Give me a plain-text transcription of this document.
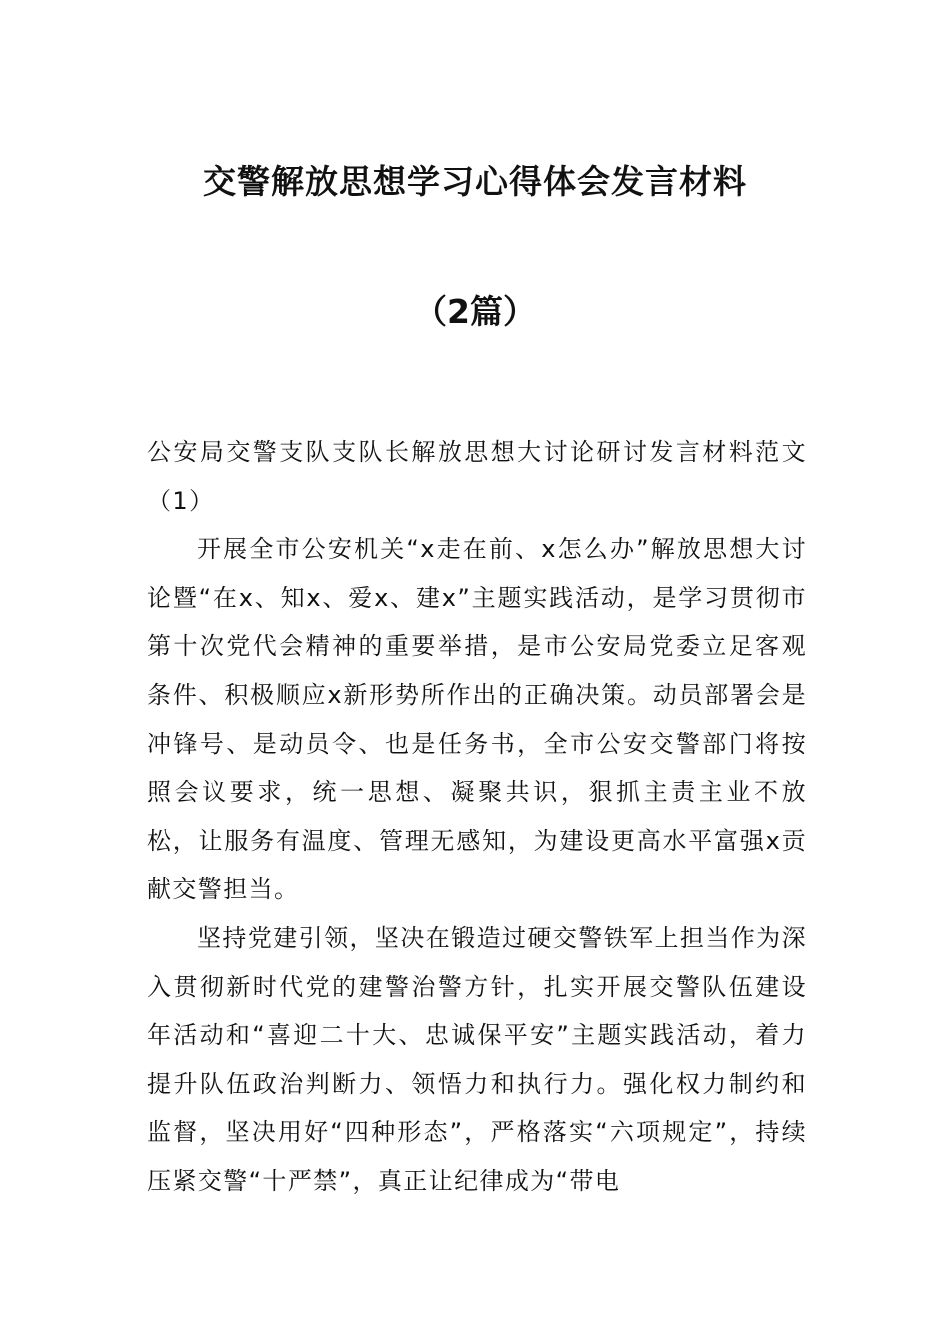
交警解放思想学习心得体会发言材料
（2篇）

公安局交警支队支队长解放思想大讨论研讨发言材料范文（1）

开展全市公安机关“x走在前、x怎么办”解放思想大讨论暨“在x、知x、爱x、建x”主题实践活动，是学习贯彻市第十次党代会精神的重要举措，是市公安局党委立足客观条件、积极顺应x新形势所作出的正确决策。动员部署会是冲锋号、是动员令、也是任务书，全市公安交警部门将按照会议要求，统一思想、凝聚共识，狠抓主责主业不放松，让服务有温度、管理无感知，为建设更高水平富强x贡献交警担当。

坚持党建引领，坚决在锻造过硬交警铁军上担当作为深入贯彻新时代党的建警治警方针，扎实开展交警队伍建设年活动和“喜迎二十大、忠诚保平安”主题实践活动，着力提升队伍政治判断力、领悟力和执行力。强化权力制约和监督，坚决用好“四种形态”，严格落实“六项规定”，持续压紧交警“十严禁”，真正让纪律成为“带电
